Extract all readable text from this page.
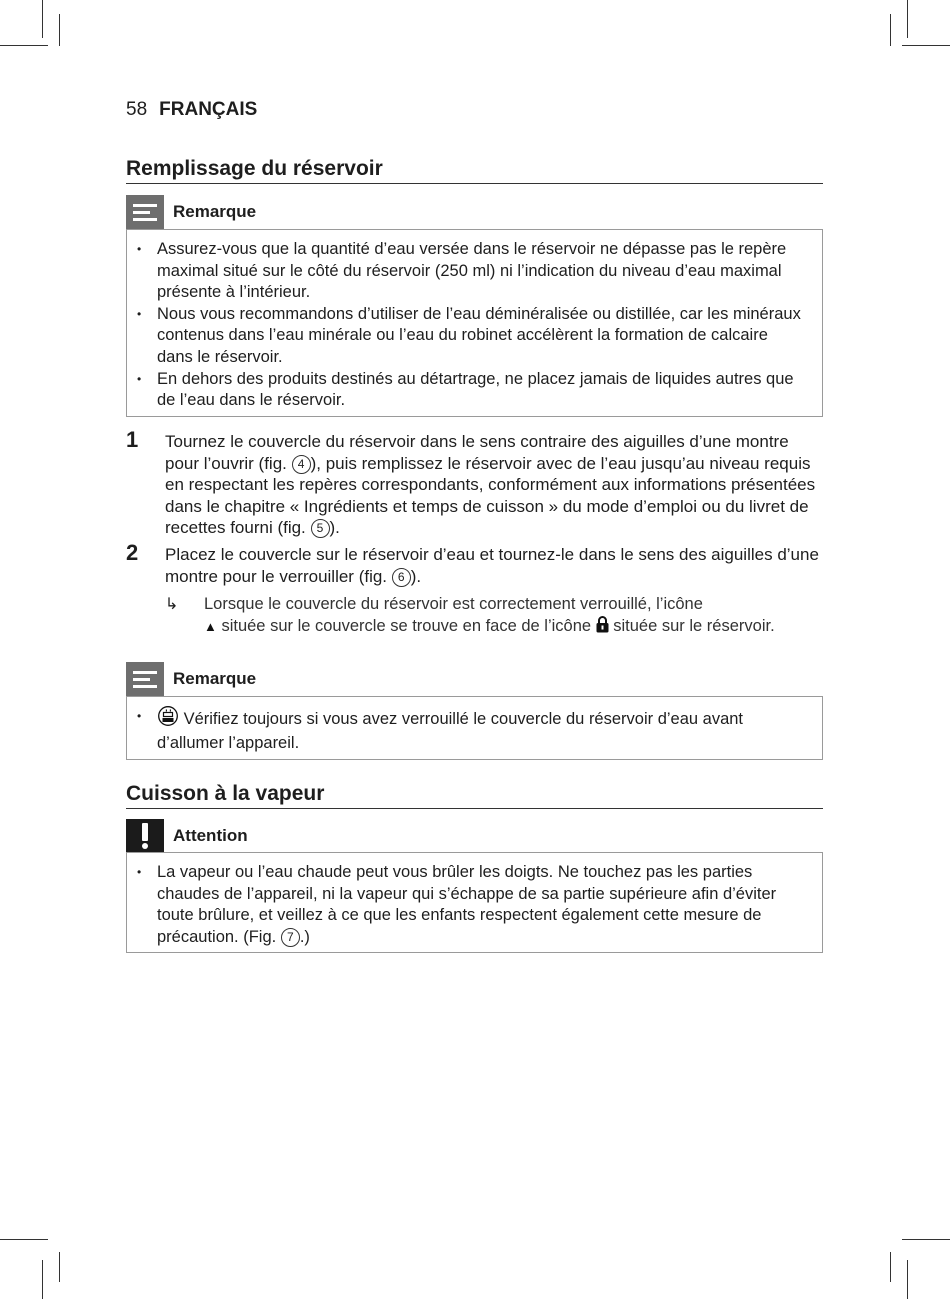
58 FRANÇAIS
Remplissage du réservoir
Remarque
• Assurez-vous que la quantité d’eau versée dans le réservoir ne dépasse pas le repère maximal situé sur le côté du réservoir (250 ml) ni l’indication du niveau d’eau maximal présente à l’intérieur.
• Nous vous recommandons d’utiliser de l’eau déminéralisée ou distillée, car les minéraux contenus dans l’eau minérale ou l’eau du robinet accélèrent la formation de calcaire dans le réservoir.
• En dehors des produits destinés au détartrage, ne placez jamais de liquides autres que de l’eau dans le réservoir.
1 Tournez le couvercle du réservoir dans le sens contraire des aiguilles d’une montre pour l’ouvrir (fig. 4 ), puis remplissez le réservoir avec de l’eau jusqu’au niveau requis en respectant les repères correspondants, conformément aux informations présentées dans le chapitre « Ingrédients et temps de cuisson » du mode d’emploi ou du livret de recettes fourni (fig. 5 ).
2 Placez le couvercle sur le réservoir d’eau et tournez-le dans le sens des aiguilles d’une montre pour le verrouiller (fig. 6 ).
↳ Lorsque le couvercle du réservoir est correctement verrouillé, l’icône
▲ située sur le couvercle se trouve en face de l’icône  située sur le réservoir.
Remarque
• Vérifiez toujours si vous avez verrouillé le couvercle du réservoir d’eau avant d’allumer l’appareil.
Cuisson à la vapeur
Attention
• La vapeur ou l’eau chaude peut vous brûler les doigts. Ne touchez pas les parties chaudes de l’appareil, ni la vapeur qui s’échappe de sa partie supérieure afin d’éviter toute brûlure, et veillez à ce que les enfants respectent également cette mesure de précaution. (Fig. 7 .)
